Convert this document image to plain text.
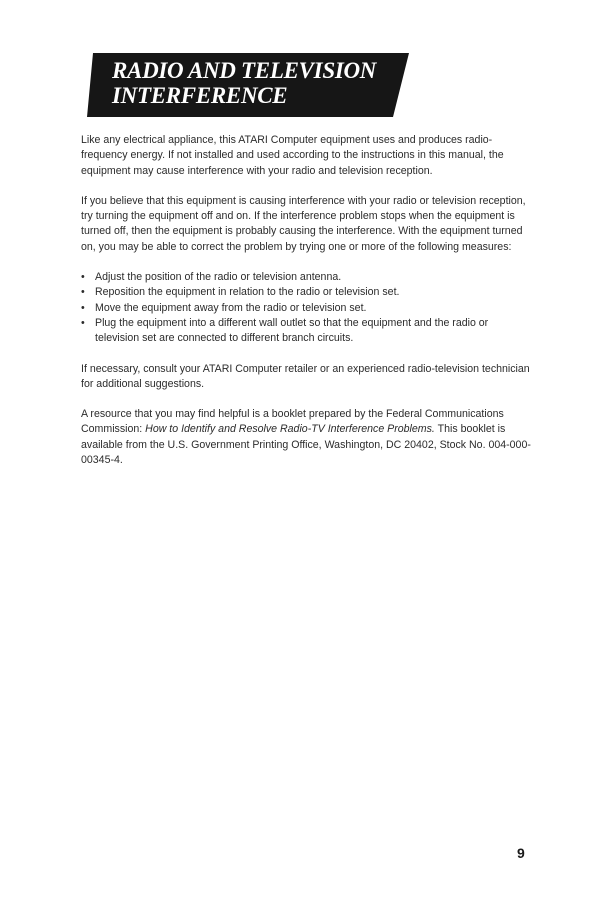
RADIO AND TELEVISION
INTERFERENCE

Like any electrical appliance, this ATARI Computer equipment uses and produces radio-frequency energy. If not installed and used according to the instructions in this manual, the equipment may cause interference with your radio and television reception.

If you believe that this equipment is causing interference with your radio or television reception, try turning the equipment off and on. If the interference problem stops when the equipment is turned off, then the equipment is probably causing the interference. With the equipment turned on, you may be able to correct the problem by trying one or more of the following measures:

• Adjust the position of the radio or television antenna.
• Reposition the equipment in relation to the radio or television set.
• Move the equipment away from the radio or television set.
• Plug the equipment into a different wall outlet so that the equipment and the radio or television set are connected to different branch circuits.

If necessary, consult your ATARI Computer retailer or an experienced radio-television technician for additional suggestions.

A resource that you may find helpful is a booklet prepared by the Federal Communications Commission: How to Identify and Resolve Radio-TV Interference Problems. This booklet is available from the U.S. Government Printing Office, Washington, DC 20402, Stock No. 004-000-00345-4.

9
